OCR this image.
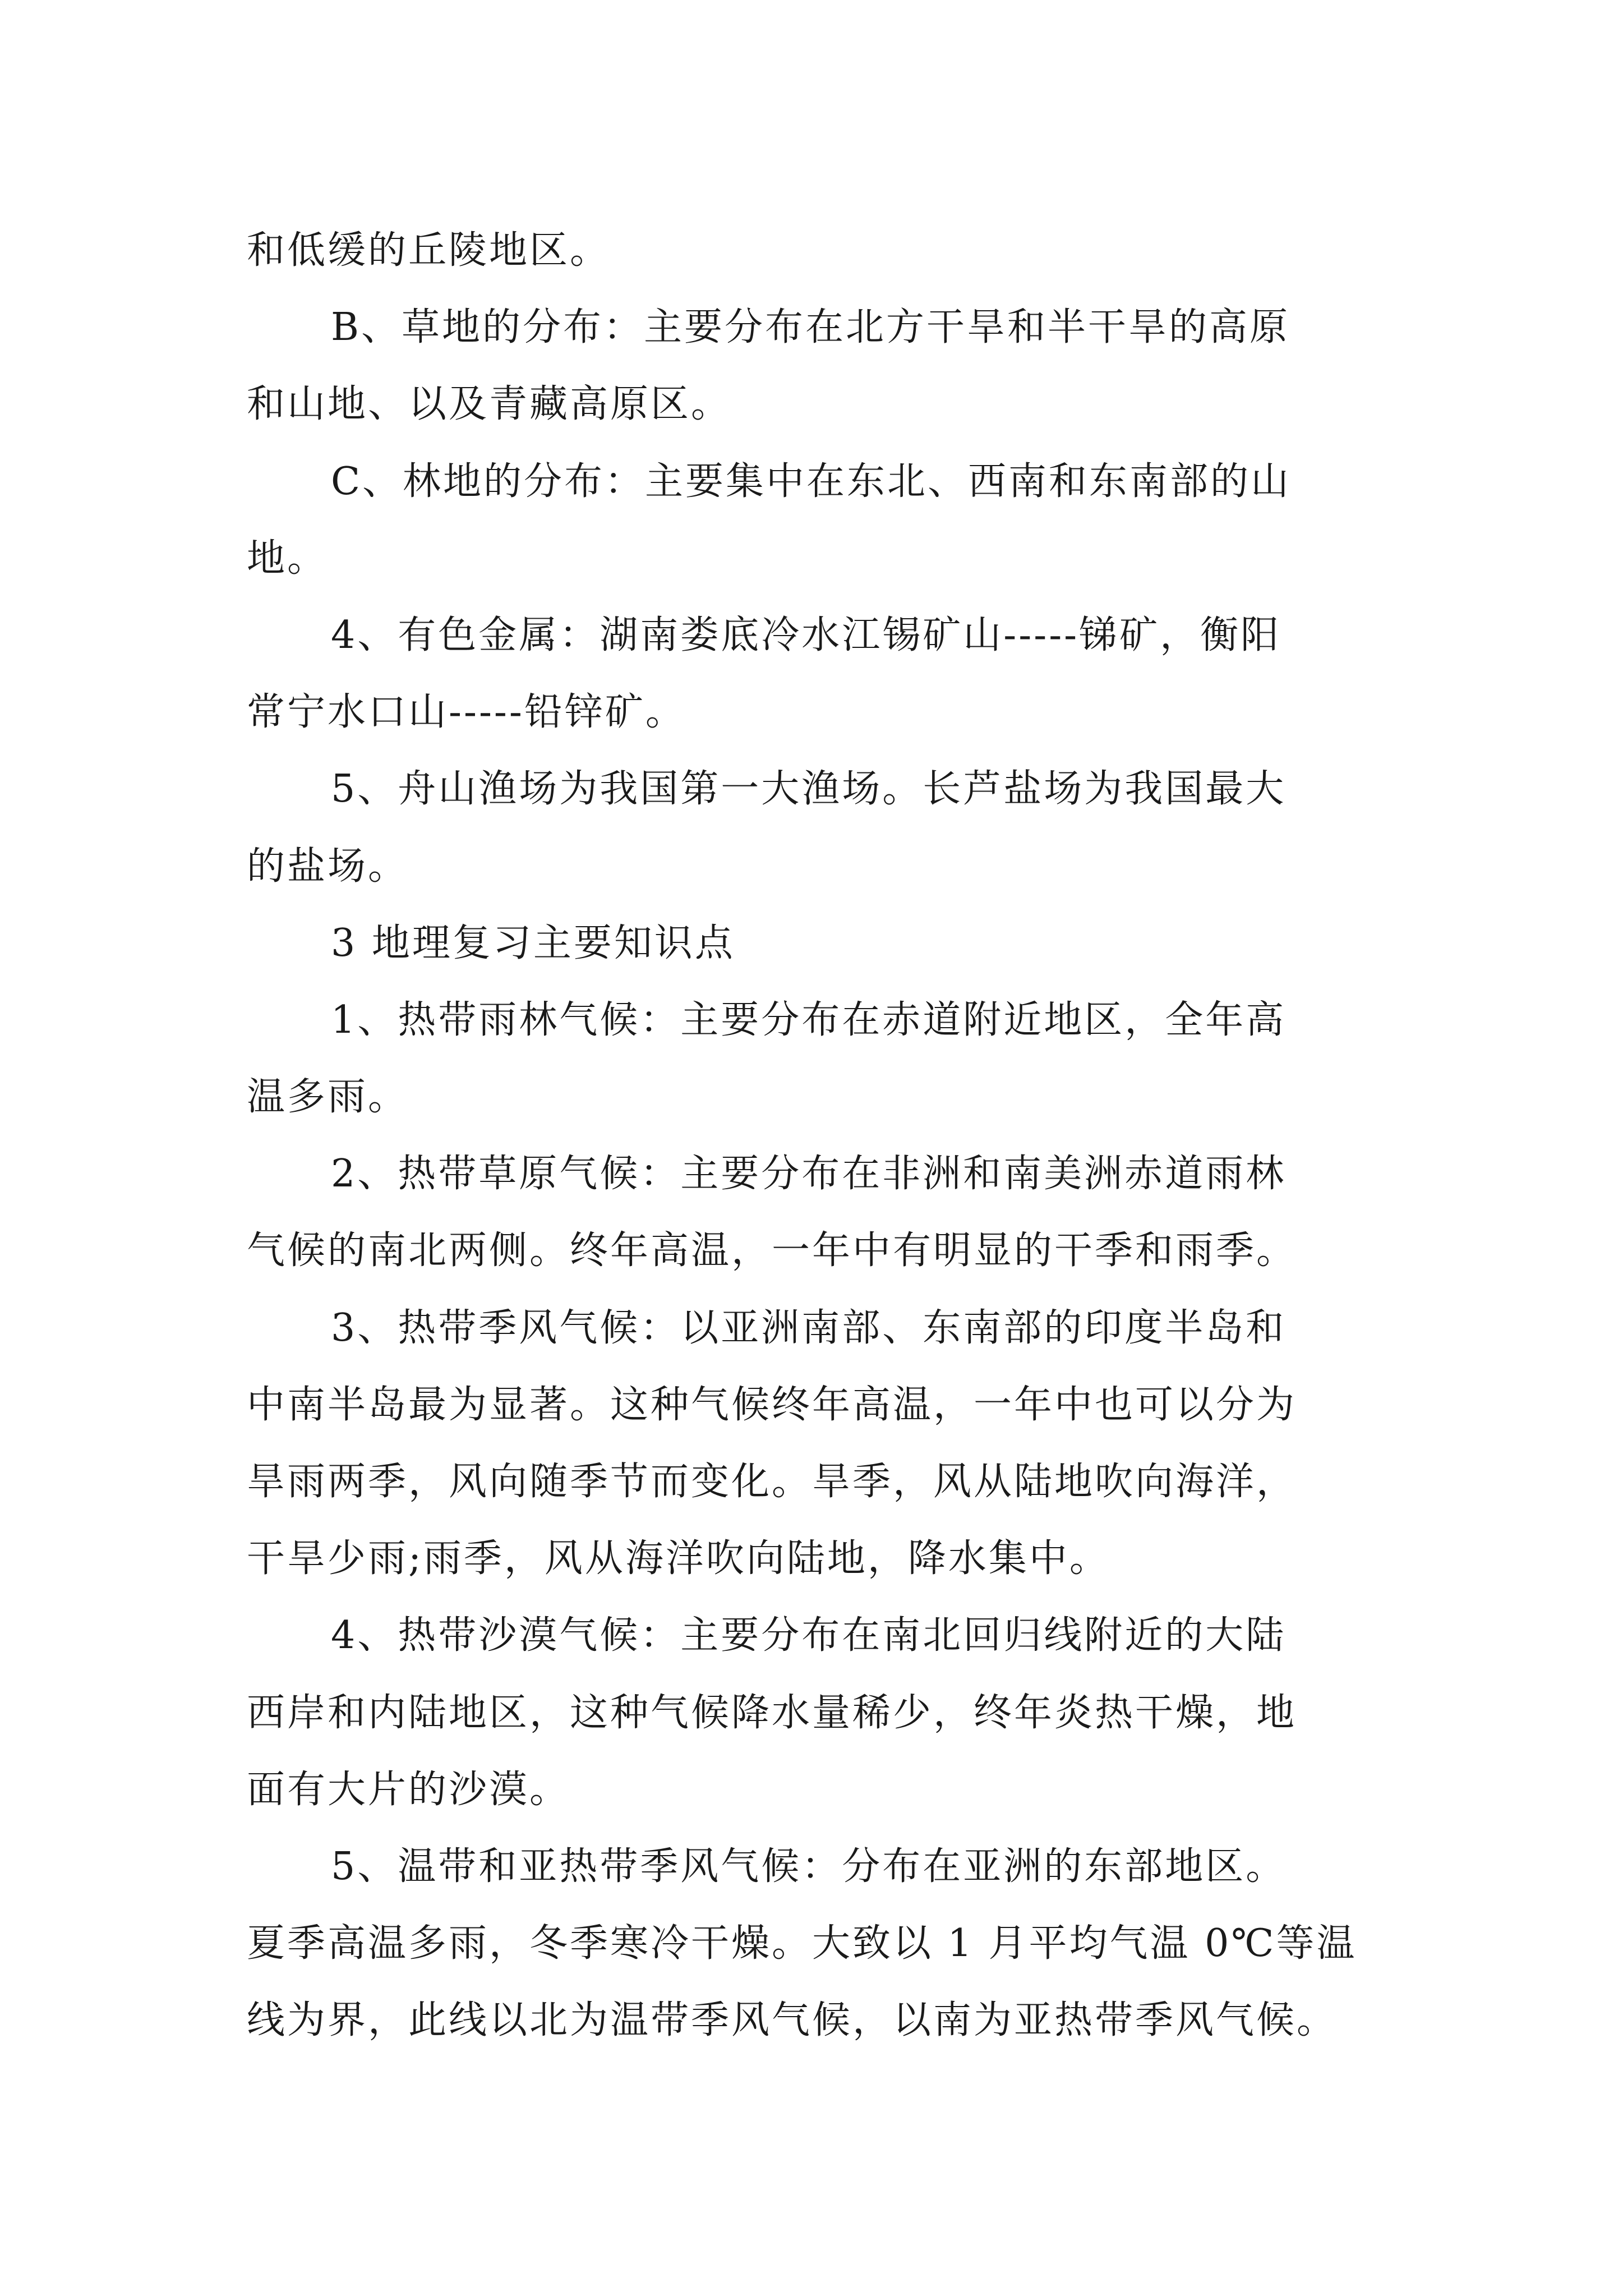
和低缓的丘陵地区。
B、草地的分布：主要分布在北方干旱和半干旱的高原
和山地、以及青藏高原区。
C、林地的分布：主要集中在东北、西南和东南部的山
地。
4、有色金属：湖南娄底冷水江锡矿山-----锑矿，衡阳
常宁水口山-----铅锌矿。
5、舟山渔场为我国第一大渔场。长芦盐场为我国最大
的盐场。
3 地理复习主要知识点
1、热带雨林气候：主要分布在赤道附近地区，全年高
温多雨。
2、热带草原气候：主要分布在非洲和南美洲赤道雨林
气候的南北两侧。终年高温，一年中有明显的干季和雨季。
3、热带季风气候：以亚洲南部、东南部的印度半岛和
中南半岛最为显著。这种气候终年高温，一年中也可以分为
旱雨两季，风向随季节而变化。旱季，风从陆地吹向海洋，
干旱少雨;雨季，风从海洋吹向陆地，降水集中。
4、热带沙漠气候：主要分布在南北回归线附近的大陆
西岸和内陆地区，这种气候降水量稀少，终年炎热干燥，地
面有大片的沙漠。
5、温带和亚热带季风气候：分布在亚洲的东部地区。
夏季高温多雨，冬季寒冷干燥。大致以 1 月平均气温 0℃等温
线为界，此线以北为温带季风气候，以南为亚热带季风气候。
